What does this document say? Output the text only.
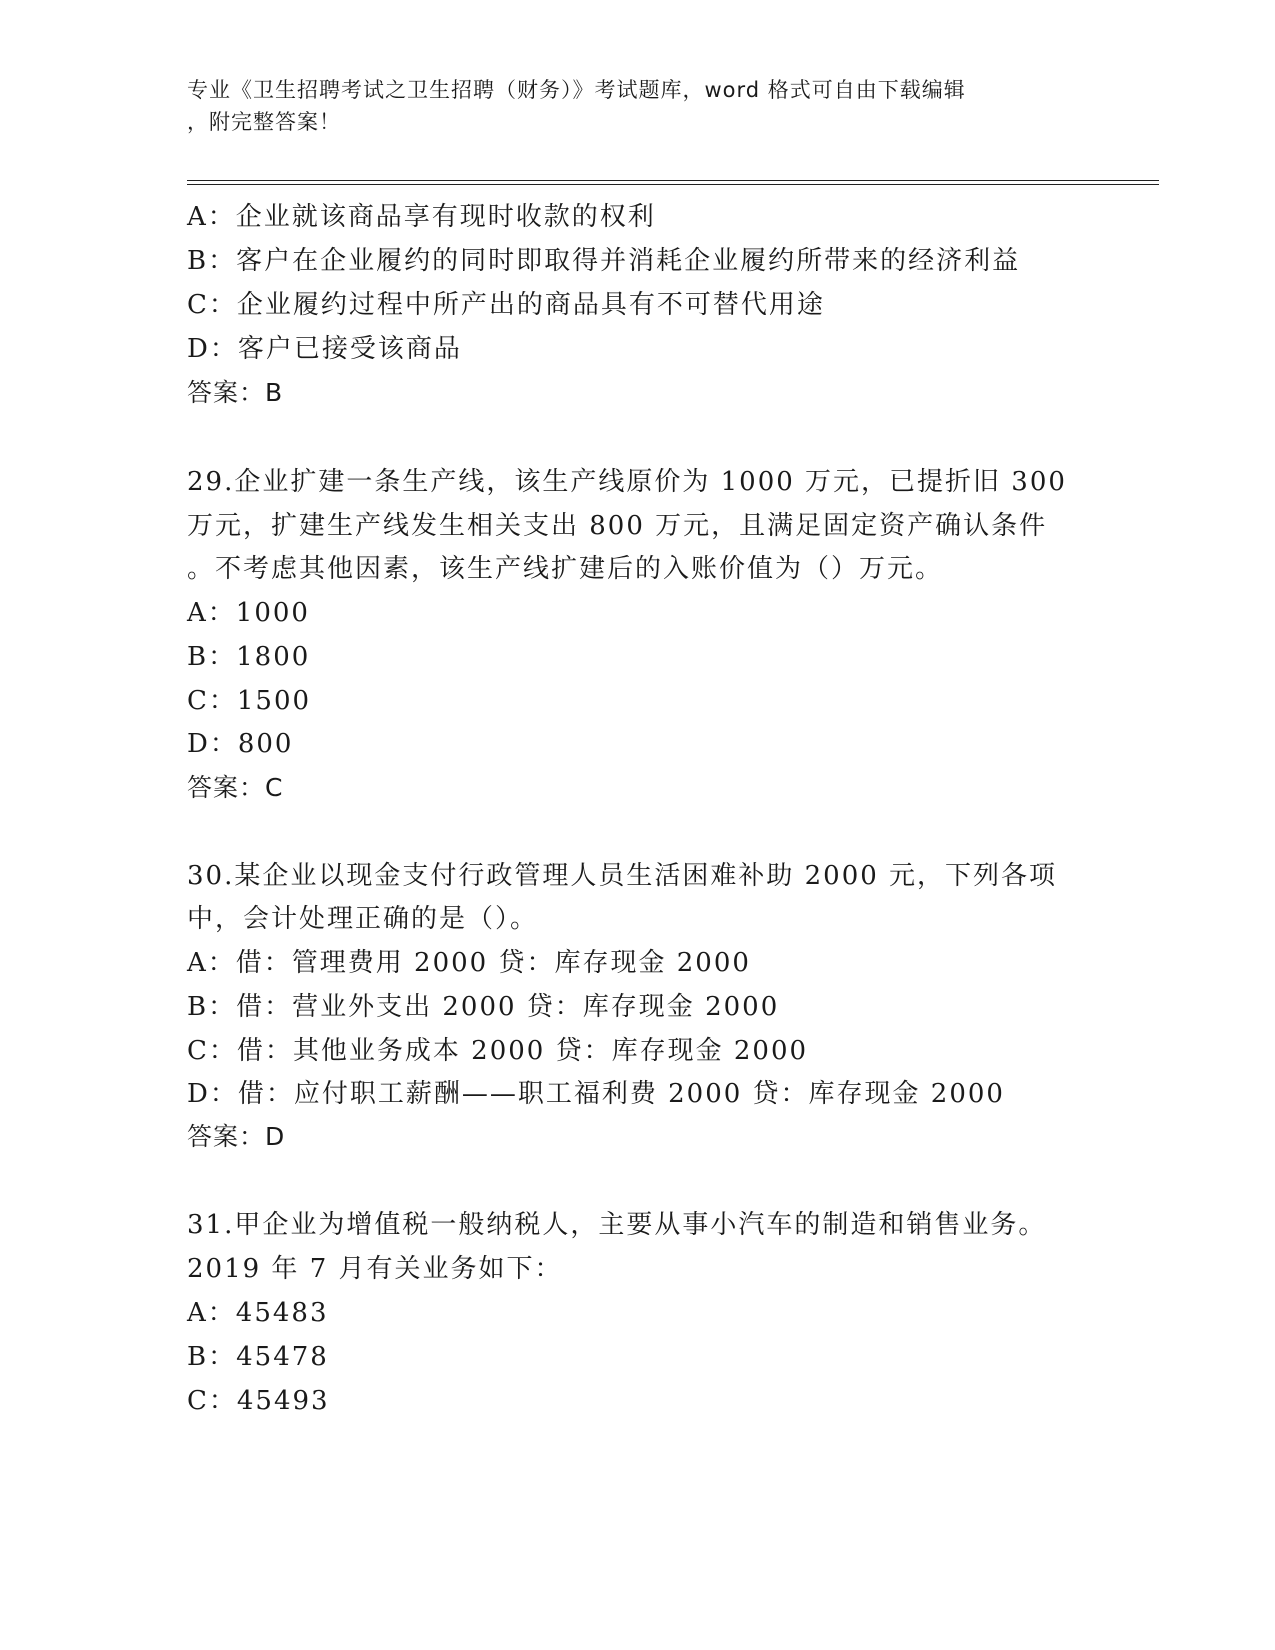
专业《卫生招聘考试之卫生招聘（财务）》考试题库，word 格式可自由下载编辑
，附完整答案！
A：企业就该商品享有现时收款的权利
B：客户在企业履约的同时即取得并消耗企业履约所带来的经济利益
C：企业履约过程中所产出的商品具有不可替代用途
D：客户已接受该商品
答案：B
29.企业扩建一条生产线，该生产线原价为 1000 万元，已提折旧 300
万元，扩建生产线发生相关支出 800 万元，且满足固定资产确认条件
。不考虑其他因素，该生产线扩建后的入账价值为（）万元。
A：1000
B：1800
C：1500
D：800
答案：C
30.某企业以现金支付行政管理人员生活困难补助 2000 元，下列各项
中，会计处理正确的是（）。
A：借：管理费用 2000 贷：库存现金 2000
B：借：营业外支出 2000 贷：库存现金 2000
C：借：其他业务成本 2000 贷：库存现金 2000
D：借：应付职工薪酬——职工福利费 2000 贷：库存现金 2000
答案：D
31.甲企业为增值税一般纳税人，主要从事小汽车的制造和销售业务。
2019 年 7 月有关业务如下：
A：45483
B：45478
C：45493
